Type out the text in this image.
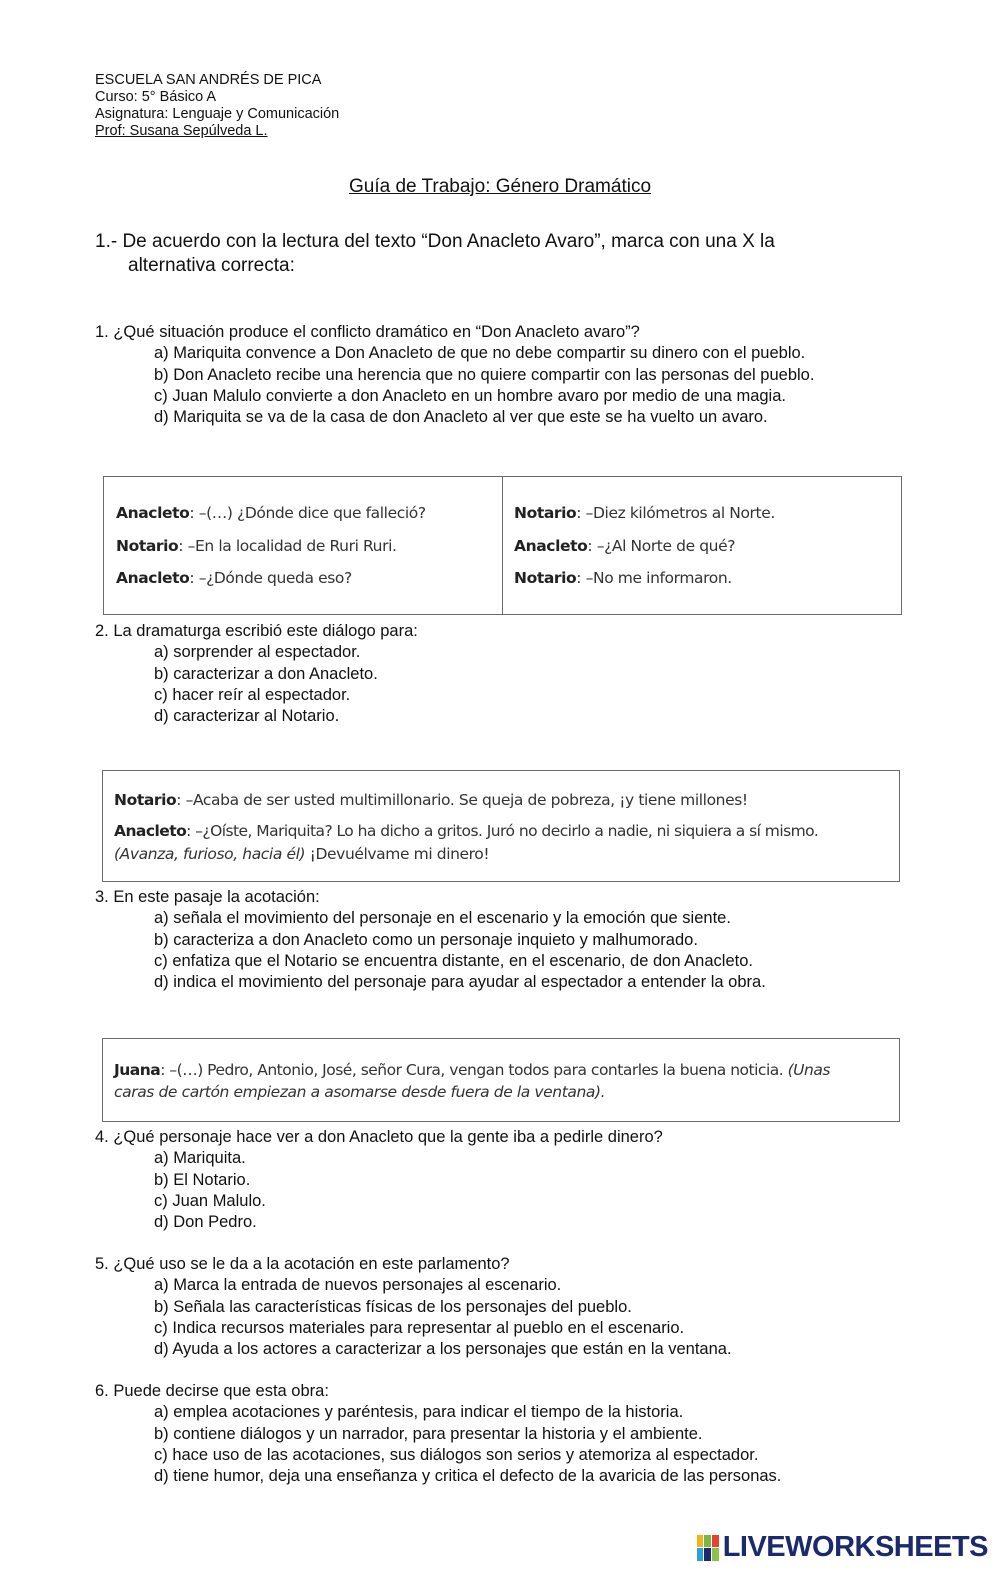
ESCUELA SAN ANDRÉS DE PICA
Curso: 5° Básico A
Asignatura: Lenguaje y Comunicación
Prof: Susana Sepúlveda L.
Guía de Trabajo: Género Dramático
1.- De acuerdo con la lectura del texto “Don Anacleto Avaro”, marca con una X la
alternativa correcta:
1. ¿Qué situación produce el conflicto dramático en “Don Anacleto avaro”?
a) Mariquita convence a Don Anacleto de que no debe compartir su dinero con el pueblo.
b) Don Anacleto recibe una herencia que no quiere compartir con las personas del pueblo.
c) Juan Malulo convierte a don Anacleto en un hombre avaro por medio de una magia.
d) Mariquita se va de la casa de don Anacleto al ver que este se ha vuelto un avaro.
Anacleto: –(…) ¿Dónde dice que falleció?
Notario: –En la localidad de Ruri Ruri.
Anacleto: –¿Dónde queda eso?
Notario: –Diez kilómetros al Norte.
Anacleto: –¿Al Norte de qué?
Notario: –No me informaron.
2. La dramaturga escribió este diálogo para:
a) sorprender al espectador.
b) caracterizar a don Anacleto.
c) hacer reír al espectador.
d) caracterizar al Notario.
Notario: –Acaba de ser usted multimillonario. Se queja de pobreza, ¡y tiene millones!
Anacleto: –¿Oíste, Mariquita? Lo ha dicho a gritos. Juró no decirlo a nadie, ni siquiera a sí mismo.
(Avanza, furioso, hacia él) ¡Devuélvame mi dinero!
3. En este pasaje la acotación:
a) señala el movimiento del personaje en el escenario y la emoción que siente.
b) caracteriza a don Anacleto como un personaje inquieto y malhumorado.
c) enfatiza que el Notario se encuentra distante, en el escenario, de don Anacleto.
d) indica el movimiento del personaje para ayudar al espectador a entender la obra.
Juana: –(…) Pedro, Antonio, José, señor Cura, vengan todos para contarles la buena noticia. (Unas
caras de cartón empiezan a asomarse desde fuera de la ventana).
4. ¿Qué personaje hace ver a don Anacleto que la gente iba a pedirle dinero?
a) Mariquita.
b) El Notario.
c) Juan Malulo.
d) Don Pedro.
5. ¿Qué uso se le da a la acotación en este parlamento?
a) Marca la entrada de nuevos personajes al escenario.
b) Señala las características físicas de los personajes del pueblo.
c) Indica recursos materiales para representar al pueblo en el escenario.
d) Ayuda a los actores a caracterizar a los personajes que están en la ventana.
6. Puede decirse que esta obra:
a) emplea acotaciones y paréntesis, para indicar el tiempo de la historia.
b) contiene diálogos y un narrador, para presentar la historia y el ambiente.
c) hace uso de las acotaciones, sus diálogos son serios y atemoriza al espectador.
d) tiene humor, deja una enseñanza y critica el defecto de la avaricia de las personas.
LIVEWORKSHEETS
